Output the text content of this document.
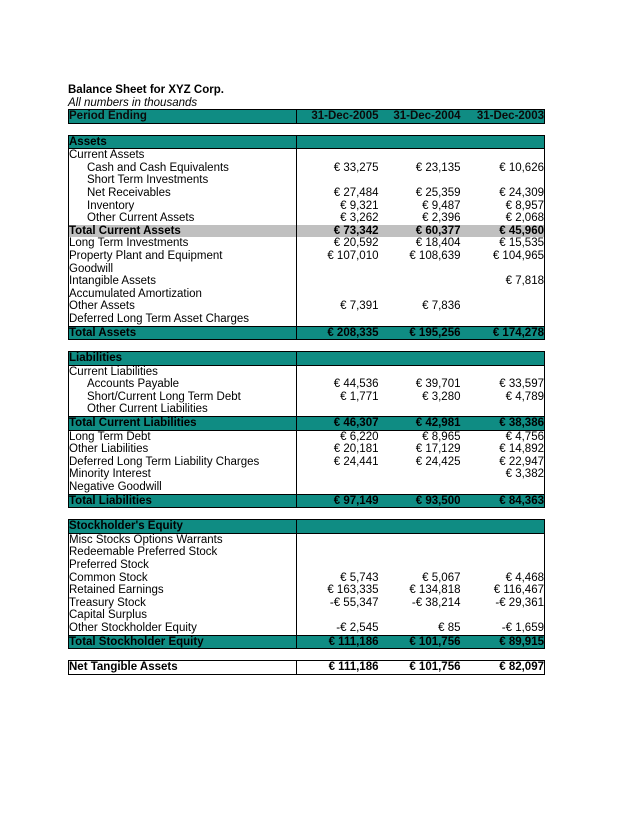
Balance Sheet for XYZ Corp.
All numbers in thousands
Period Ending	31-Dec-2005	31-Dec-2004	31-Dec-2003

Assets			
Current Assets			
Cash and Cash Equivalents	€ 33,275	€ 23,135	€ 10,626
Short Term Investments			
Net Receivables	€ 27,484	€ 25,359	€ 24,309
Inventory	€ 9,321	€ 9,487	€ 8,957
Other Current Assets	€ 3,262	€ 2,396	€ 2,068
Total Current Assets	€ 73,342	€ 60,377	€ 45,960
Long Term Investments	€ 20,592	€ 18,404	€ 15,535
Property Plant and Equipment	€ 107,010	€ 108,639	€ 104,965
Goodwill			
Intangible Assets			€ 7,818
Accumulated Amortization			
Other Assets	€ 7,391	€ 7,836	
Deferred Long Term Asset Charges			
Total Assets	€ 208,335	€ 195,256	€ 174,278

Liabilities			
Current Liabilities			
Accounts Payable	€ 44,536	€ 39,701	€ 33,597
Short/Current Long Term Debt	€ 1,771	€ 3,280	€ 4,789
Other Current Liabilities			
Total Current Liabilities	€ 46,307	€ 42,981	€ 38,386
Long Term Debt	€ 6,220	€ 8,965	€ 4,756
Other Liabilities	€ 20,181	€ 17,129	€ 14,892
Deferred Long Term Liability Charges	€ 24,441	€ 24,425	€ 22,947
Minority Interest			€ 3,382
Negative Goodwill			
Total Liabilities	€ 97,149	€ 93,500	€ 84,363

Stockholder's Equity			
Misc Stocks Options Warrants			
Redeemable Preferred Stock			
Preferred Stock			
Common Stock	€ 5,743	€ 5,067	€ 4,468
Retained Earnings	€ 163,335	€ 134,818	€ 116,467
Treasury Stock	-€ 55,347	-€ 38,214	-€ 29,361
Capital Surplus			
Other Stockholder Equity	-€ 2,545	€ 85	-€ 1,659
Total Stockholder Equity	€ 111,186	€ 101,756	€ 89,915

Net Tangible Assets	€ 111,186	€ 101,756	€ 82,097
